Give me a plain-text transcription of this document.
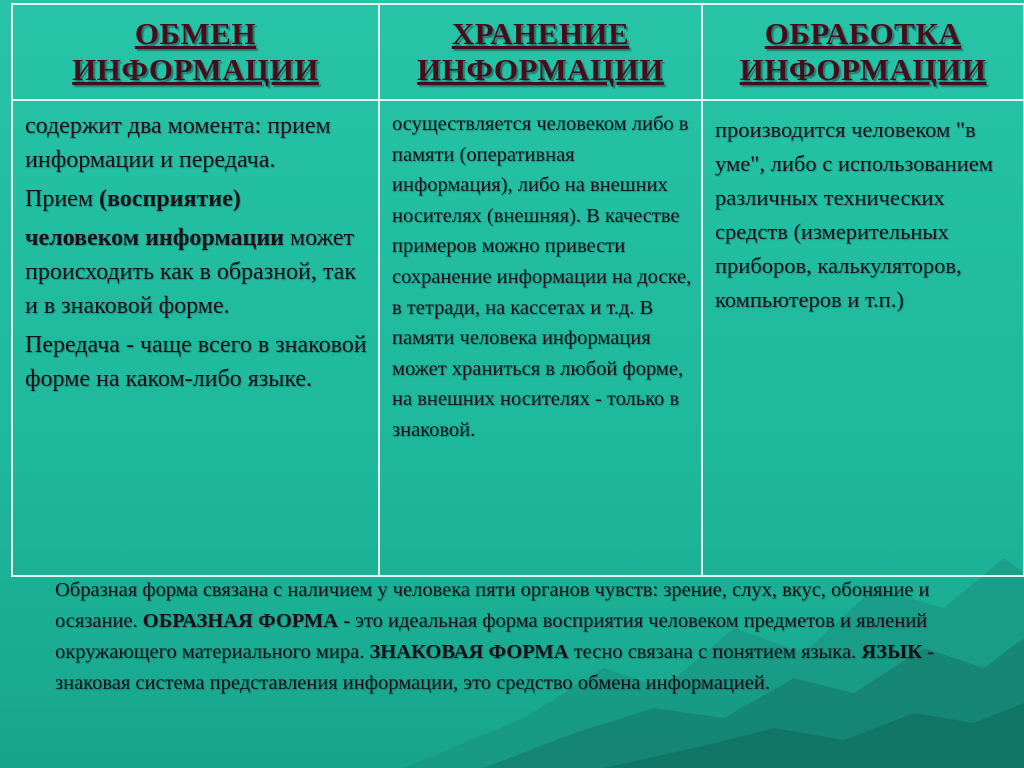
ОБМЕН
ИНФОРМАЦИИ

содержит два момента: прием информации и передача.

Прием (восприятие)

человеком информации может происходить как в образной, так и в знаковой форме.

Передача - чаще всего в знаковой форме на каком-либо языке.

ХРАНЕНИЕ
ИНФОРМАЦИИ
осуществляется человеком либо в памяти (оперативная информация), либо на внешних носителях (внешняя). В качестве примеров можно привести сохранение информации на доске, в тетради, на кассетах и т.д. В памяти человека информация может храниться в любой форме, на внешних носителях - только в знаковой.
ОБРАБОТКА
ИНФОРМАЦИИ
производится человеком "в уме", либо с использованием различных технических средств (измерительных приборов, калькуляторов, компьютеров и т.п.)
Образная форма связана с наличием у человека пяти органов чувств: зрение, слух, вкус, обоняние и осязание. ОБРАЗНАЯ ФОРМА - это идеальная форма восприятия человеком предметов и явлений окружающего материального мира. ЗНАКОВАЯ ФОРМА тесно связана с понятием языка. ЯЗЫК - знаковая система представления информации, это средство обмена информацией.
